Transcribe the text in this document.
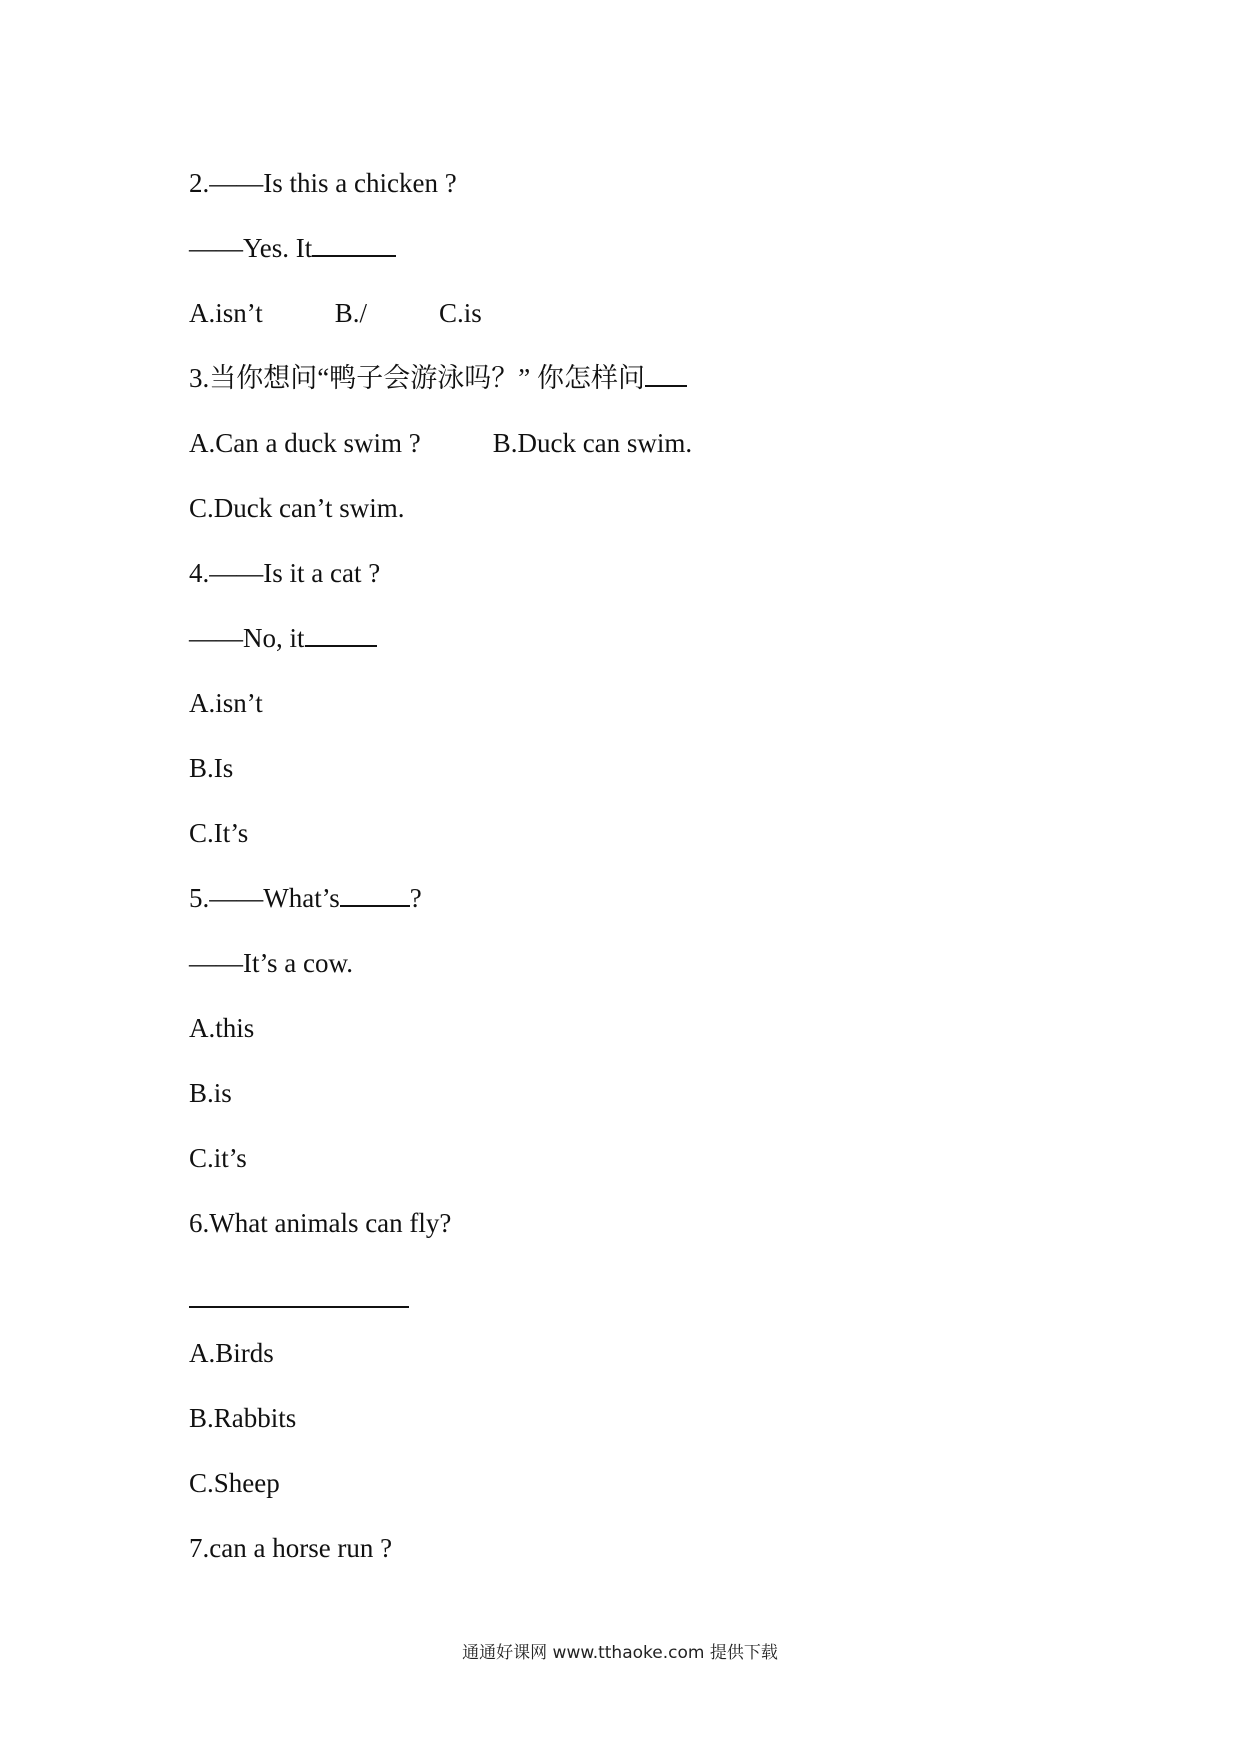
2.——Is this a chicken ?
——Yes. It
A.isn’t	B./	C.is
3.当你想问“鸭子会游泳吗？” 你怎样问
A.Can a duck swim ?	B.Duck can swim.
C.Duck can’t swim.
4.——Is it a cat ?
——No, it
A.isn’t
B.Is
C.It’s
5.——What’s	?
——It’s a cow.
A.this
B.is
C.it’s
6.What animals can fly?
A.Birds
B.Rabbits
C.Sheep
7.can a horse run ?
通通好课网 www.tthaoke.com 提供下载
